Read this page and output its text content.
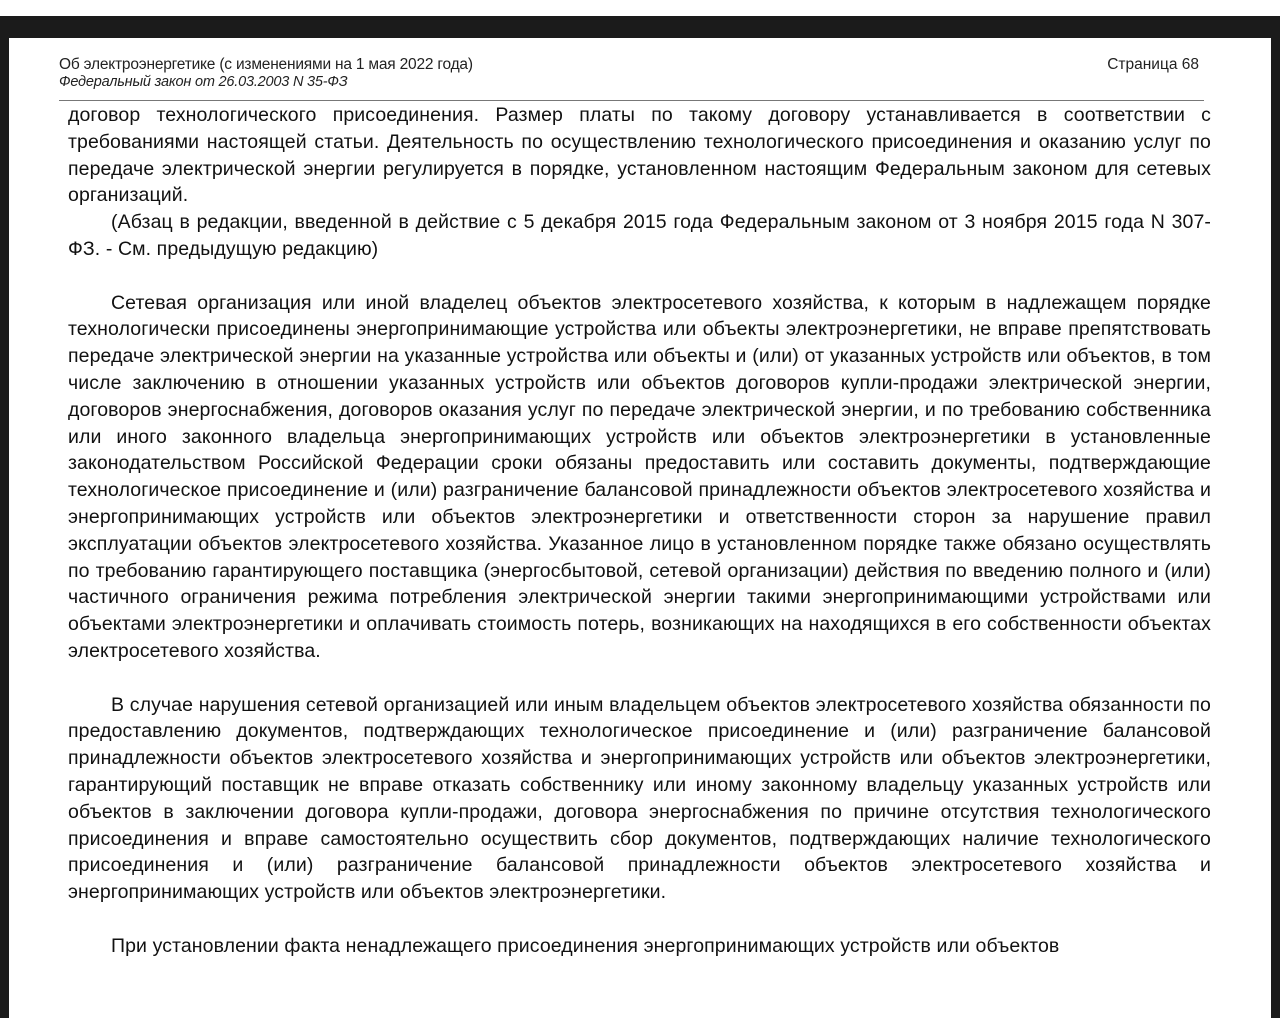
Об электроэнергетике (с изменениями на 1 мая 2022 года)
Федеральный закон от 26.03.2003 N 35-ФЗ
Страница 68

договор технологического присоединения. Размер платы по такому договору устанавливается в соответствии с требованиями настоящей статьи. Деятельность по осуществлению технологического присоединения и оказанию услуг по передаче электрической энергии регулируется в порядке, установленном настоящим Федеральным законом для сетевых организаций.

(Абзац в редакции, введенной в действие с 5 декабря 2015 года Федеральным законом от 3 ноября 2015 года N 307-ФЗ. - См. предыдущую редакцию)

Сетевая организация или иной владелец объектов электросетевого хозяйства, к которым в надлежащем порядке технологически присоединены энергопринимающие устройства или объекты электроэнергетики, не вправе препятствовать передаче электрической энергии на указанные устройства или объекты и (или) от указанных устройств или объектов, в том числе заключению в отношении указанных устройств или объектов договоров купли-продажи электрической энергии, договоров энергоснабжения, договоров оказания услуг по передаче электрической энергии, и по требованию собственника или иного законного владельца энергопринимающих устройств или объектов электроэнергетики в установленные законодательством Российской Федерации сроки обязаны предоставить или составить документы, подтверждающие технологическое присоединение и (или) разграничение балансовой принадлежности объектов электросетевого хозяйства и энергопринимающих устройств или объектов электроэнергетики и ответственности сторон за нарушение правил эксплуатации объектов электросетевого хозяйства. Указанное лицо в установленном порядке также обязано осуществлять по требованию гарантирующего поставщика (энергосбытовой, сетевой организации) действия по введению полного и (или) частичного ограничения режима потребления электрической энергии такими энергопринимающими устройствами или объектами электроэнергетики и оплачивать стоимость потерь, возникающих на находящихся в его собственности объектах электросетевого хозяйства.

В случае нарушения сетевой организацией или иным владельцем объектов электросетевого хозяйства обязанности по предоставлению документов, подтверждающих технологическое присоединение и (или) разграничение балансовой принадлежности объектов электросетевого хозяйства и энергопринимающих устройств или объектов электроэнергетики, гарантирующий поставщик не вправе отказать собственнику или иному законному владельцу указанных устройств или объектов в заключении договора купли-продажи, договора энергоснабжения по причине отсутствия технологического присоединения и вправе самостоятельно осуществить сбор документов, подтверждающих наличие технологического присоединения и (или) разграничение балансовой принадлежности объектов электросетевого хозяйства и энергопринимающих устройств или объектов электроэнергетики.

При установлении факта ненадлежащего присоединения энергопринимающих устройств или объектов
